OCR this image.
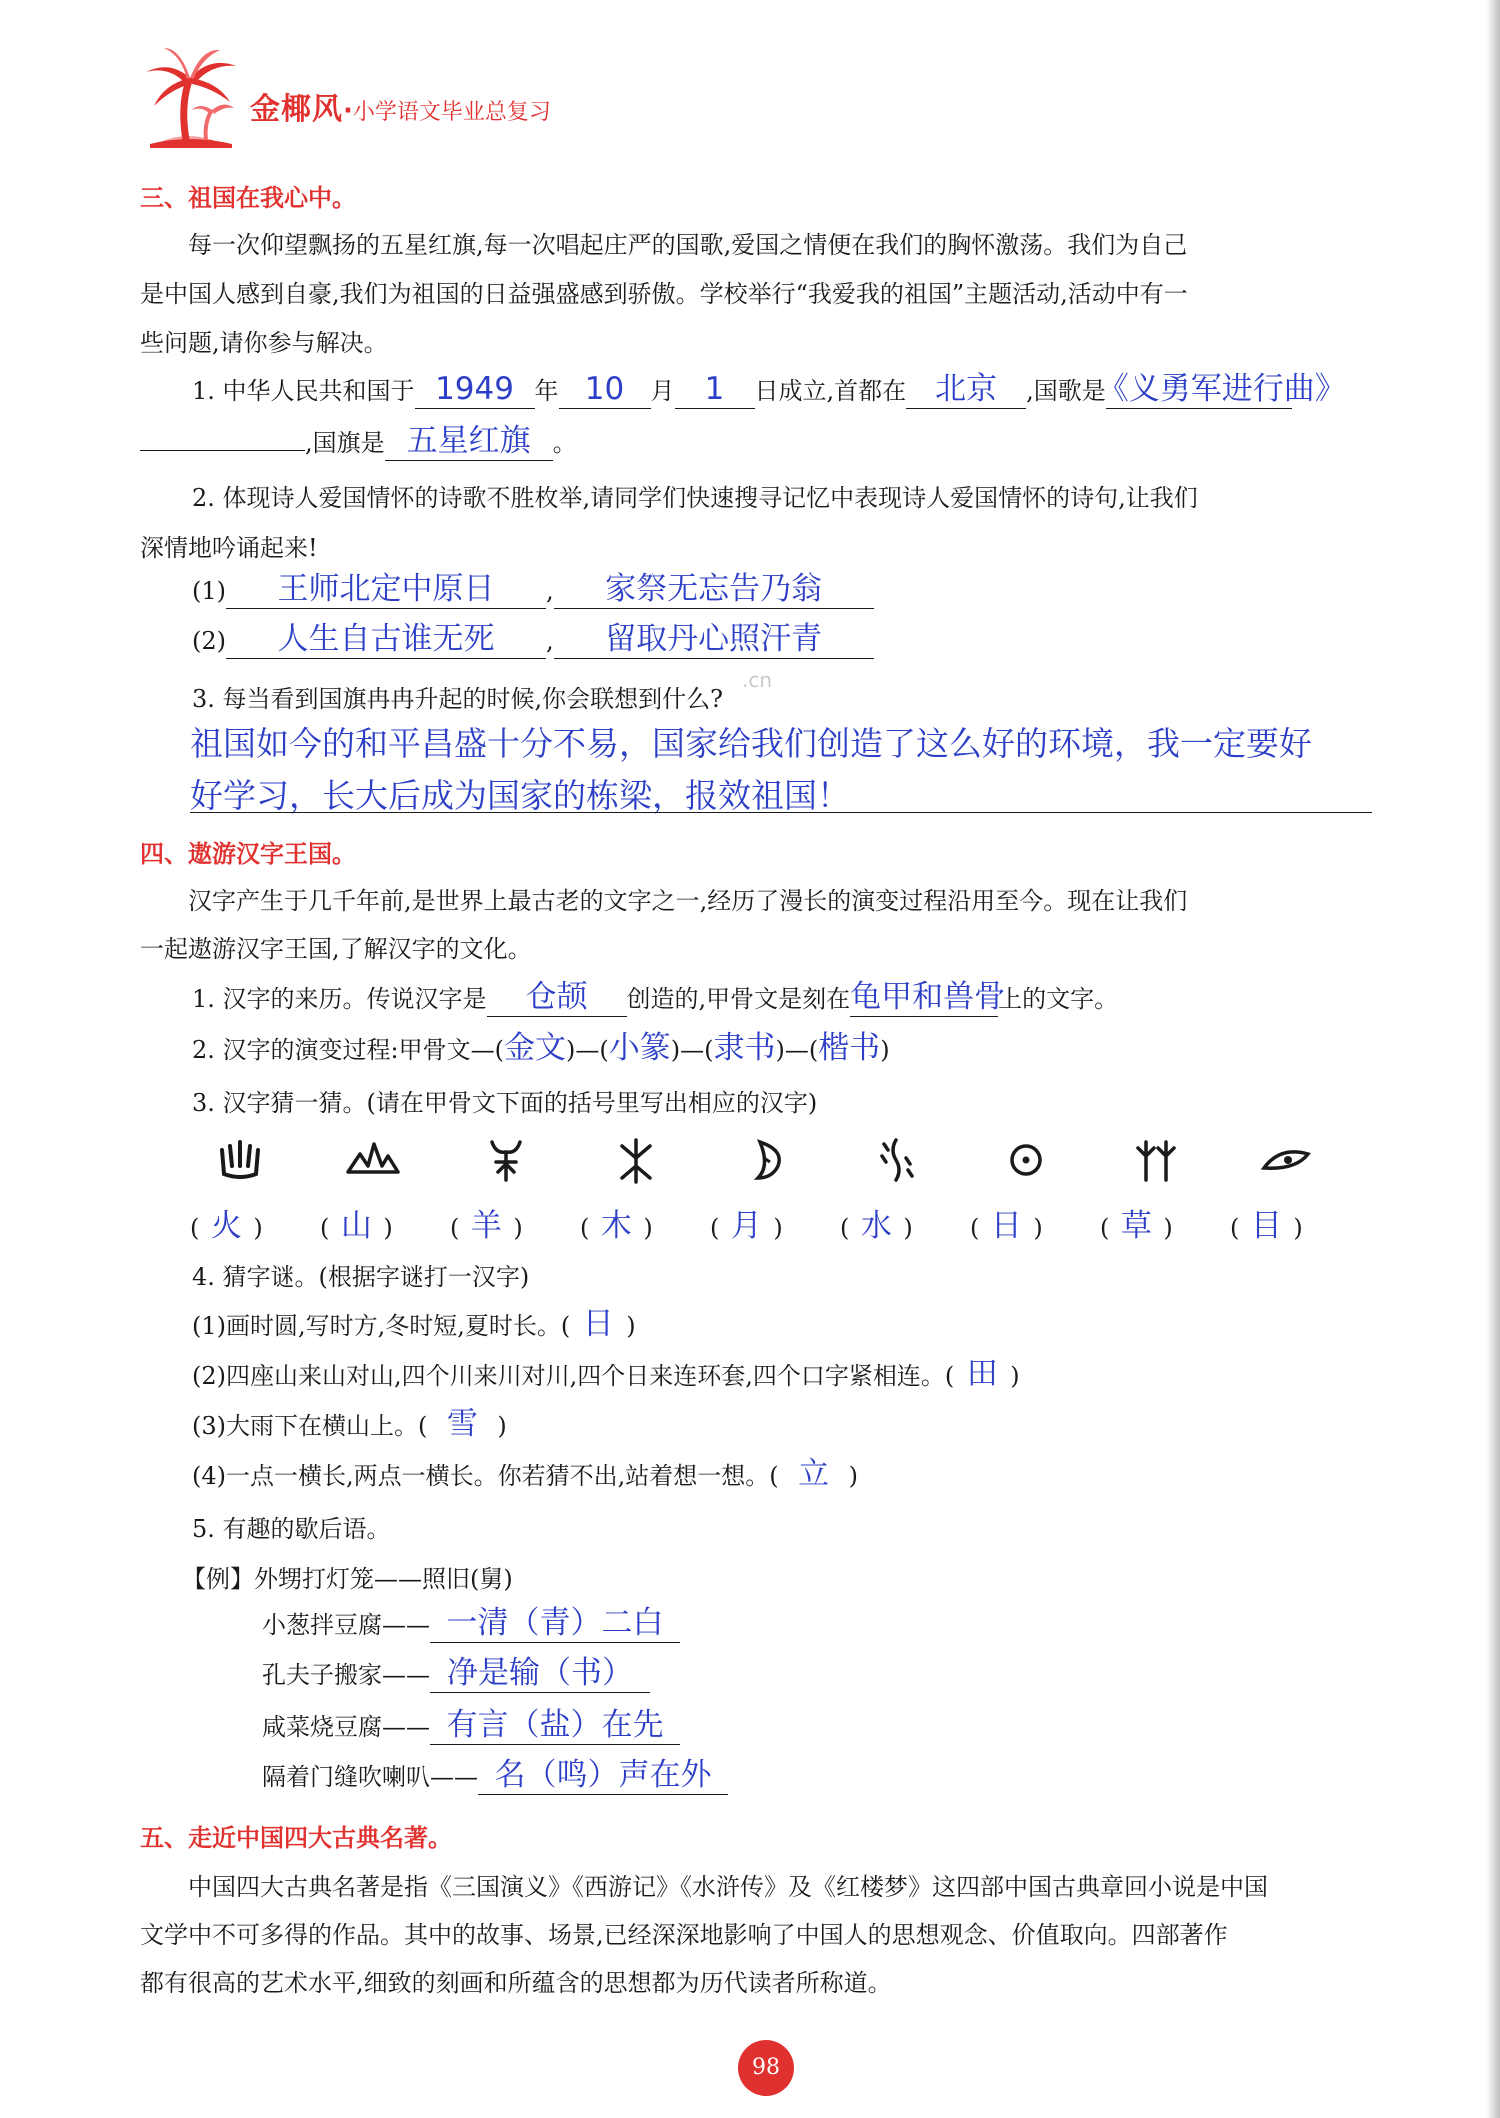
金椰风·小学语文毕业总复习
三、祖国在我心中。
每一次仰望飘扬的五星红旗,每一次唱起庄严的国歌,爱国之情便在我们的胸怀激荡。我们为自己
是中国人感到自豪,我们为祖国的日益强盛感到骄傲。学校举行“我爱我的祖国”主题活动,活动中有一
些问题,请你参与解决。
1. 中华人民共和国于 1949 年 10 月 1 日成立,首都在 北京 ,国歌是《义勇军进行曲》
,国旗是 五星红旗 。
2. 体现诗人爱国情怀的诗歌不胜枚举,请同学们快速搜寻记忆中表现诗人爱国情怀的诗句,让我们
深情地吟诵起来!
(1) 王师北定中原日 , 家祭无忘告乃翁
(2) 人生自古谁无死 , 留取丹心照汗青
3. 每当看到国旗冉冉升起的时候,你会联想到什么?
.cn
祖国如今的和平昌盛十分不易，国家给我们创造了这么好的环境，我一定要好
好学习，长大后成为国家的栋梁，报效祖国！
四、遨游汉字王国。
汉字产生于几千年前,是世界上最古老的文字之一,经历了漫长的演变过程沿用至今。现在让我们
一起遨游汉字王国,了解汉字的文化。
1. 汉字的来历。传说汉字是 仓颉 创造的,甲骨文是刻在龟甲和兽骨上的文字。
2. 汉字的演变过程:甲骨文—(金文)—(小篆)—(隶书)—(楷书)
3. 汉字猜一猜。(请在甲骨文下面的括号里写出相应的汉字)
( 火 ) ( 山 ) ( 羊 ) ( 木 ) ( 月 ) ( 水 ) ( 日 ) ( 草 ) ( 目 )
4. 猜字谜。(根据字谜打一汉字)
(1)画时圆,写时方,冬时短,夏时长。( 日 )
(2)四座山来山对山,四个川来川对川,四个日来连环套,四个口字紧相连。( 田 )
(3)大雨下在横山上。( 雪 )
(4)一点一横长,两点一横长。你若猜不出,站着想一想。( 立 )
5. 有趣的歇后语。
【例】外甥打灯笼——照旧(舅)
小葱拌豆腐—— 一清（青）二白
孔夫子搬家—— 净是输（书）
咸菜烧豆腐—— 有言（盐）在先
隔着门缝吹喇叭—— 名（鸣）声在外
五、走近中国四大古典名著。
中国四大古典名著是指《三国演义》《西游记》《水浒传》及《红楼梦》这四部中国古典章回小说是中国
文学中不可多得的作品。其中的故事、场景,已经深深地影响了中国人的思想观念、价值取向。四部著作
都有很高的艺术水平,细致的刻画和所蕴含的思想都为历代读者所称道。
98
